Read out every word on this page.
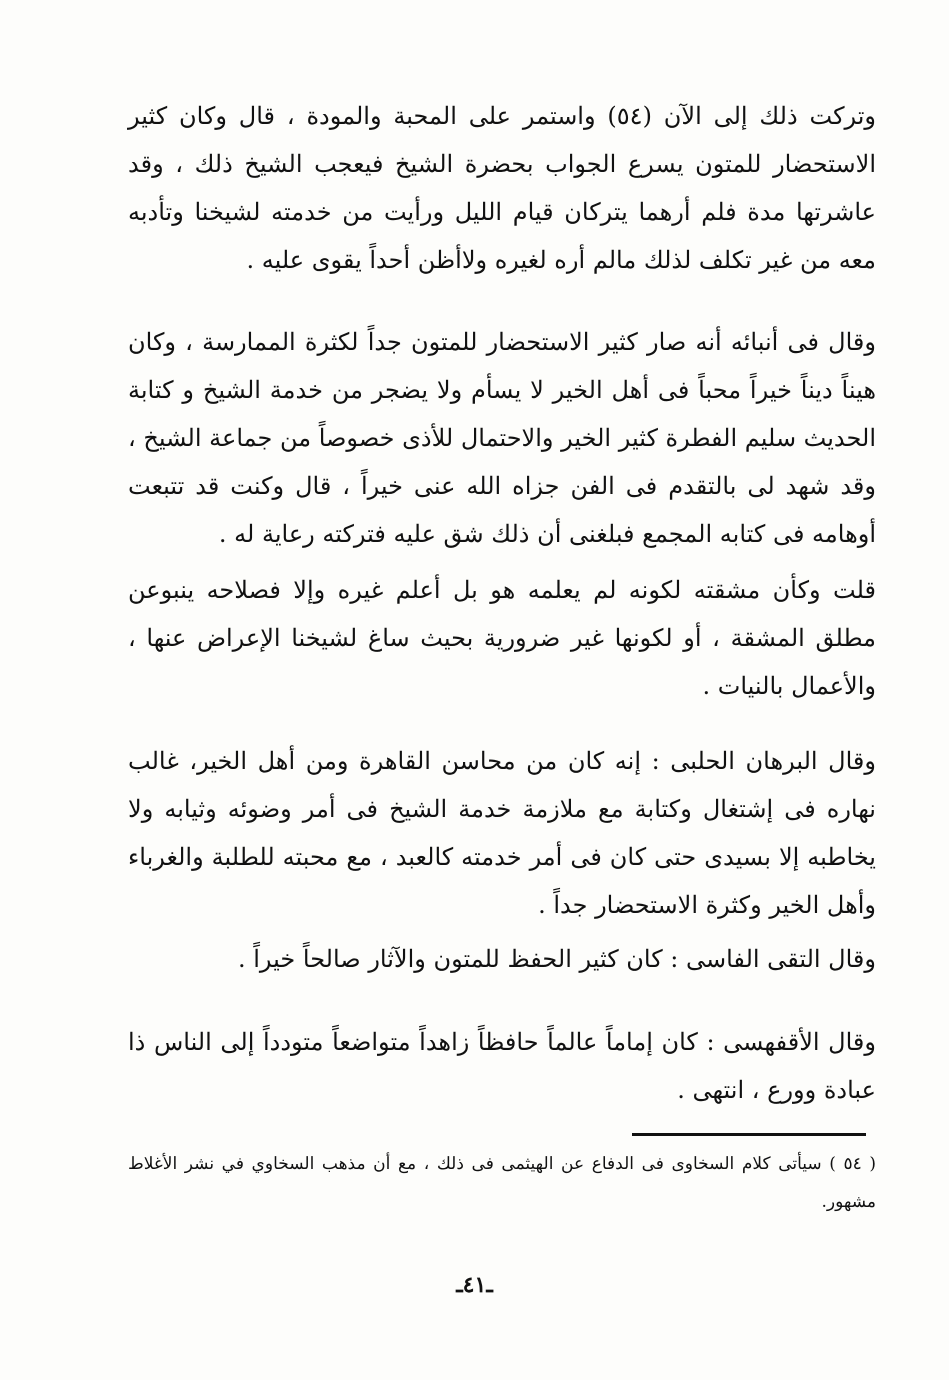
وتركت ذلك إلى الآن (٥٤) واستمر على المحبة والمودة ، قال وكان كثير الاستحضار للمتون يسرع الجواب بحضرة الشيخ فيعجب الشيخ ذلك ، وقد عاشرتها مدة فلم أرهما يتركان قيام الليل ورأيت من خدمته لشيخنا وتأدبه معه من غير تكلف لذلك مالم أره لغيره ولاأظن أحداً يقوى عليه .

وقال فى أنبائه أنه صار كثير الاستحضار للمتون جداً لكثرة الممارسة ، وكان هيناً ديناً خيراً محباً فى أهل الخير لا يسأم ولا يضجر من خدمة الشيخ و كتابة الحديث سليم الفطرة كثير الخير والاحتمال للأذى خصوصاً من جماعة الشيخ ، وقد شهد لى بالتقدم فى الفن جزاه الله عنى خيراً ، قال وكنت قد تتبعت أوهامه فى كتابه المجمع فبلغنى أن ذلك شق عليه فتركته رعاية له .

قلت وكأن مشقته لكونه لم يعلمه هو بل أعلم غيره وإلا فصلاحه ينبوعن مطلق المشقة ، أو لكونها غير ضرورية بحيث ساغ لشيخنا الإعراض عنها ، والأعمال بالنيات .

وقال البرهان الحلبى : إنه كان من محاسن القاهرة ومن أهل الخير، غالب نهاره فى إشتغال وكتابة مع ملازمة خدمة الشيخ فى أمر وضوئه وثيابه ولا يخاطبه إلا بسيدى حتى كان فى أمر خدمته كالعبد ، مع محبته للطلبة والغرباء وأهل الخير وكثرة الاستحضار جداً .

وقال التقى الفاسى : كان كثير الحفظ للمتون والآثار صالحاً خيراً .

وقال الأقفهسى : كان إماماً عالماً حافظاً زاهداً متواضعاً متودداً إلى الناس ذا عبادة وورع ، انتهى .

( ٥٤ ) سيأتى كلام السخاوى فى الدفاع عن الهيثمى فى ذلك ، مع أن مذهب السخاوي في نشر الأغلاط مشهور.

ـ٤١ـ
